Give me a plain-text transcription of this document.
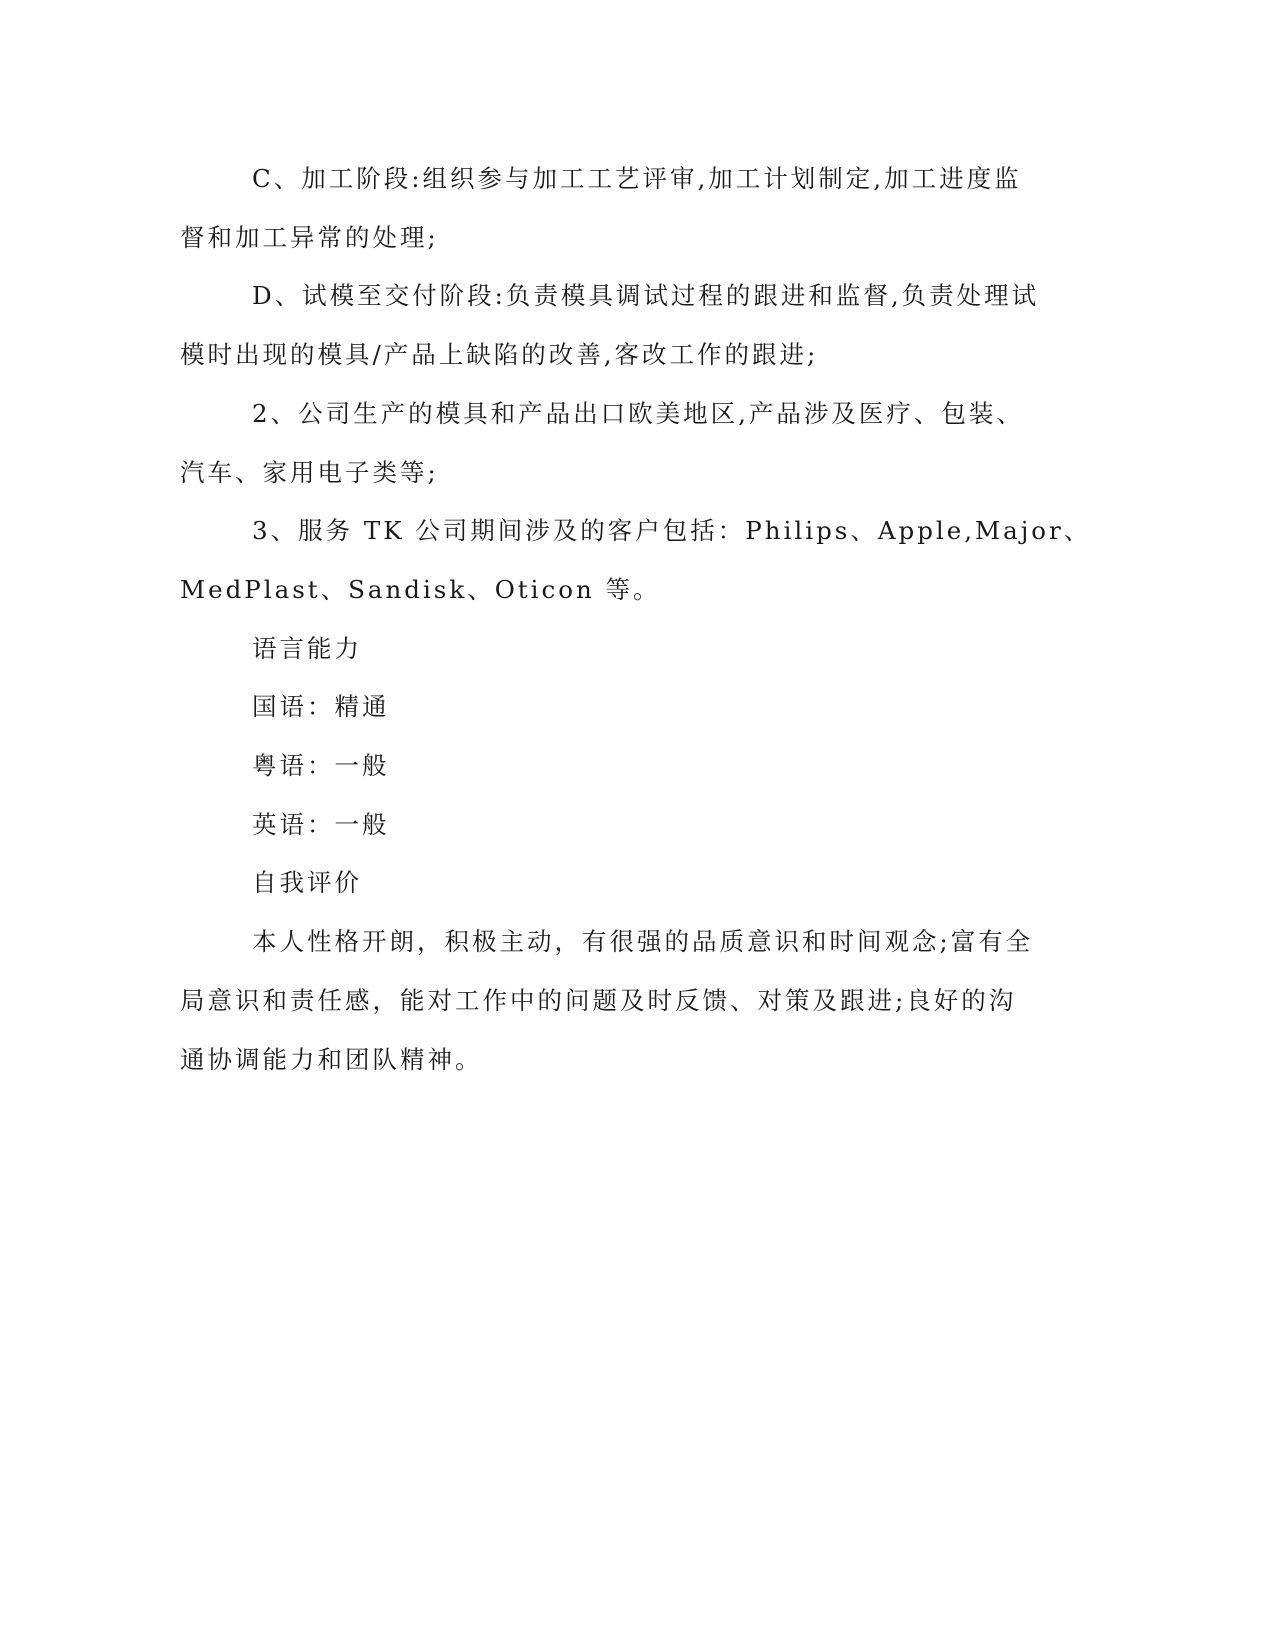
C、加工阶段:组织参与加工工艺评审,加工计划制定,加工进度监

督和加工异常的处理;

D、试模至交付阶段:负责模具调试过程的跟进和监督,负责处理试

模时出现的模具/产品上缺陷的改善,客改工作的跟进;

2、公司生产的模具和产品出口欧美地区,产品涉及医疗、包装、

汽车、家用电子类等;

3、服务 TK 公司期间涉及的客户包括：Philips、Apple,Major、

MedPlast、Sandisk、Oticon 等。

语言能力

国语：精通

粤语：一般

英语：一般

自我评价

本人性格开朗，积极主动，有很强的品质意识和时间观念;富有全

局意识和责任感，能对工作中的问题及时反馈、对策及跟进;良好的沟

通协调能力和团队精神。
